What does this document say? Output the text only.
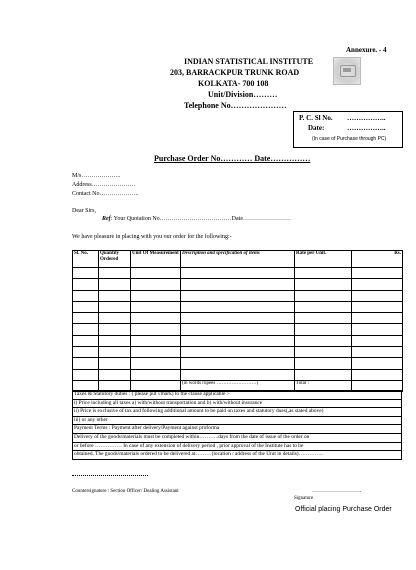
Annexure. - 4
INDIAN STATISTICAL INSTITUTE
203, BARRACKPUR TRUNK ROAD
KOLKATA- 700 108
Unit/Division………
Telephone No…………………
P. C. Sl No. ……………..
Date:	……………..
(In case of Purchase through PC)
Purchase Order No………… Date……………
M/s………………..
Address………………….
Contact No………………..
Dear Sirs,
Ref: Your Quotation No………………………………Date……………………
We have pleasure in placing with you our order for the following:-
Sl. No.	Quantity Ordered	Unit Of Measurement	Description and specification of items	Rate per Unit.	Rs.

			(in words rupees ……………………)	Total :	
Taxes & Statutory duties : ( please put √mark) to the clause applicable :-
i) Price including all taxes a) with/without transportation and b) with/without insurance
ii) Price is exclusive of tax and following additional amount to be paid on taxes and statutory dues(,as stated above)
iii) or any other
Payment Terms : Payment after delivery/Payment against proforma
Delivery of the goods/materials must be completed within………..days from the date of issue of the order on
or before …………… In case of any extension of delivery period , prior approval of the Institute has to be
obtained. The goods/materials ordered to be delivered at………(location / address of the Unit in details)…………..
Countersignature : Section Officer/ Dealing Assistant	…………………….
Signature
Official placing Purchase Order
